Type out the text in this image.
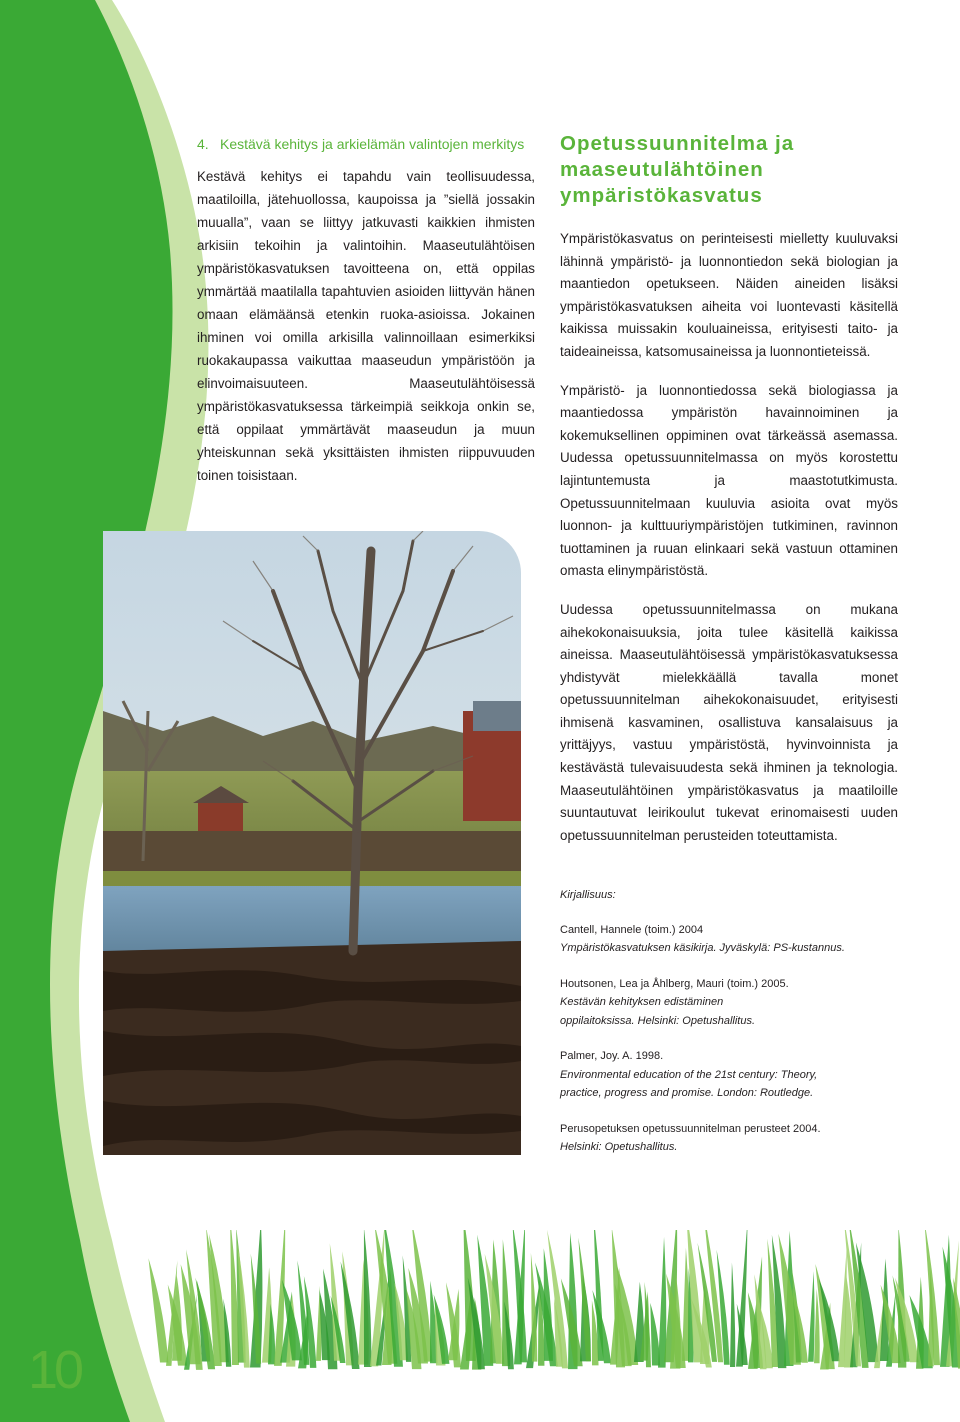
4. Kestävä kehitys ja arkielämän valintojen merkitys

Kestävä kehitys ei tapahdu vain teollisuudessa, maatiloilla, jätehuollossa, kaupoissa ja ”siellä jossakin muualla”, vaan se liittyy jatkuvasti kaikkien ihmisten arkisiin tekoihin ja valintoihin. Maaseutulähtöisen ympäristökasvatuksen tavoitteena on, että oppilas ymmärtää maatilalla tapahtuvien asioiden liittyvän hänen omaan elämäänsä etenkin ruoka-asioissa. Jokainen ihminen voi omilla arkisilla valinnoillaan esimerkiksi ruokakaupassa vaikuttaa maaseudun ympäristöön ja elinvoimaisuuteen. Maaseutulähtöisessä ympäristökasvatuksessa tärkeimpiä seikkoja onkin se, että oppilaat ymmärtävät maaseudun ja muun yhteiskunnan sekä yksittäisten ihmisten riippuvuuden toinen toisistaan.

Opetussuunnitelma ja maaseutulähtöinen ympäristökasvatus

Ympäristökasvatus on perinteisesti mielletty kuuluvaksi lähinnä ympäristö- ja luonnontiedon sekä biologian ja maantiedon opetukseen. Näiden aineiden lisäksi ympäristökasvatuksen aiheita voi luontevasti käsitellä kaikissa muissakin kouluaineissa, erityisesti taito- ja taideaineissa, katsomusaineissa ja luonnontieteissä.

Ympäristö- ja luonnontiedossa sekä biologiassa ja maantiedossa ympäristön havainnoiminen ja kokemuksellinen oppiminen ovat tärkeässä asemassa. Uudessa opetussuunnitelmassa on myös korostettu lajintuntemusta ja maastotutkimusta. Opetussuunnitelmaan kuuluvia asioita ovat myös luonnon- ja kulttuuriympäristöjen tutkiminen, ravinnon tuottaminen ja ruuan elinkaari sekä vastuun ottaminen omasta elinympäristöstä.

Uudessa opetussuunnitelmassa on mukana aihekokonaisuuksia, joita tulee käsitellä kaikissa aineissa. Maaseutulähtöisessä ympäristökasvatuksessa yhdistyvät mielekkäällä tavalla monet opetussuunnitelman aihekokonaisuudet, erityisesti ihmisenä kasvaminen, osallistuva kansalaisuus ja yrittäjyys, vastuu ympäristöstä, hyvinvoinnista ja kestävästä tulevaisuudesta sekä ihminen ja teknologia. Maaseutulähtöinen ympäristökasvatus ja maatiloille suuntautuvat leirikoulut tukevat erinomaisesti uuden opetussuunnitelman perusteiden toteuttamista.

Kirjallisuus:
Cantell, Hannele (toim.) 2004
Ympäristökasvatuksen käsikirja. Jyväskylä: PS-kustannus.
Houtsonen, Lea ja Åhlberg, Mauri (toim.) 2005.
Kestävän kehityksen edistäminen
oppilaitoksissa. Helsinki: Opetushallitus.
Palmer, Joy. A. 1998.
Environmental education of the 21st century: Theory,
practice, progress and promise. London: Routledge.
Perusopetuksen opetussuunnitelman perusteet 2004.
Helsinki: Opetushallitus.
10
